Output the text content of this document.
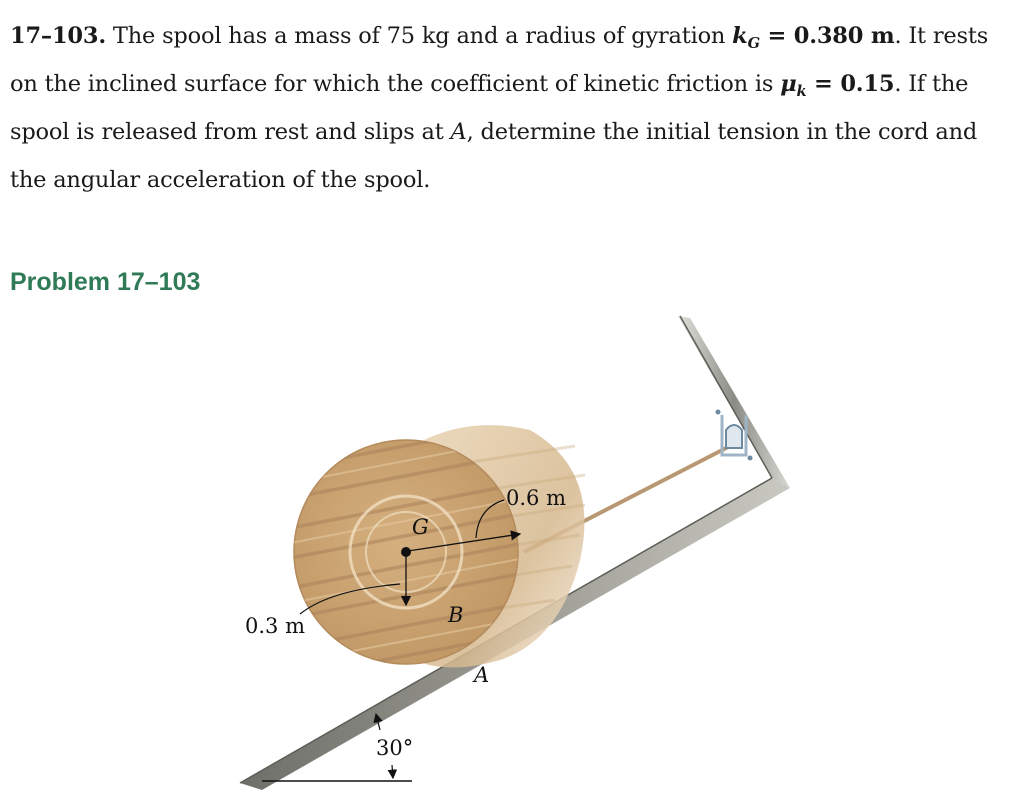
17–103. The spool has a mass of 75 kg and a radius of gyration $k_G = 0.380$ m. It rests on the inclined surface for which the coefficient of kinetic friction is $\mu_k = 0.15$. If the spool is released from rest and slips at A, determine the initial tension in the cord and the angular acceleration of the spool.
Problem 17–103
0.6 m
0.3 m
G
B
A
30°
